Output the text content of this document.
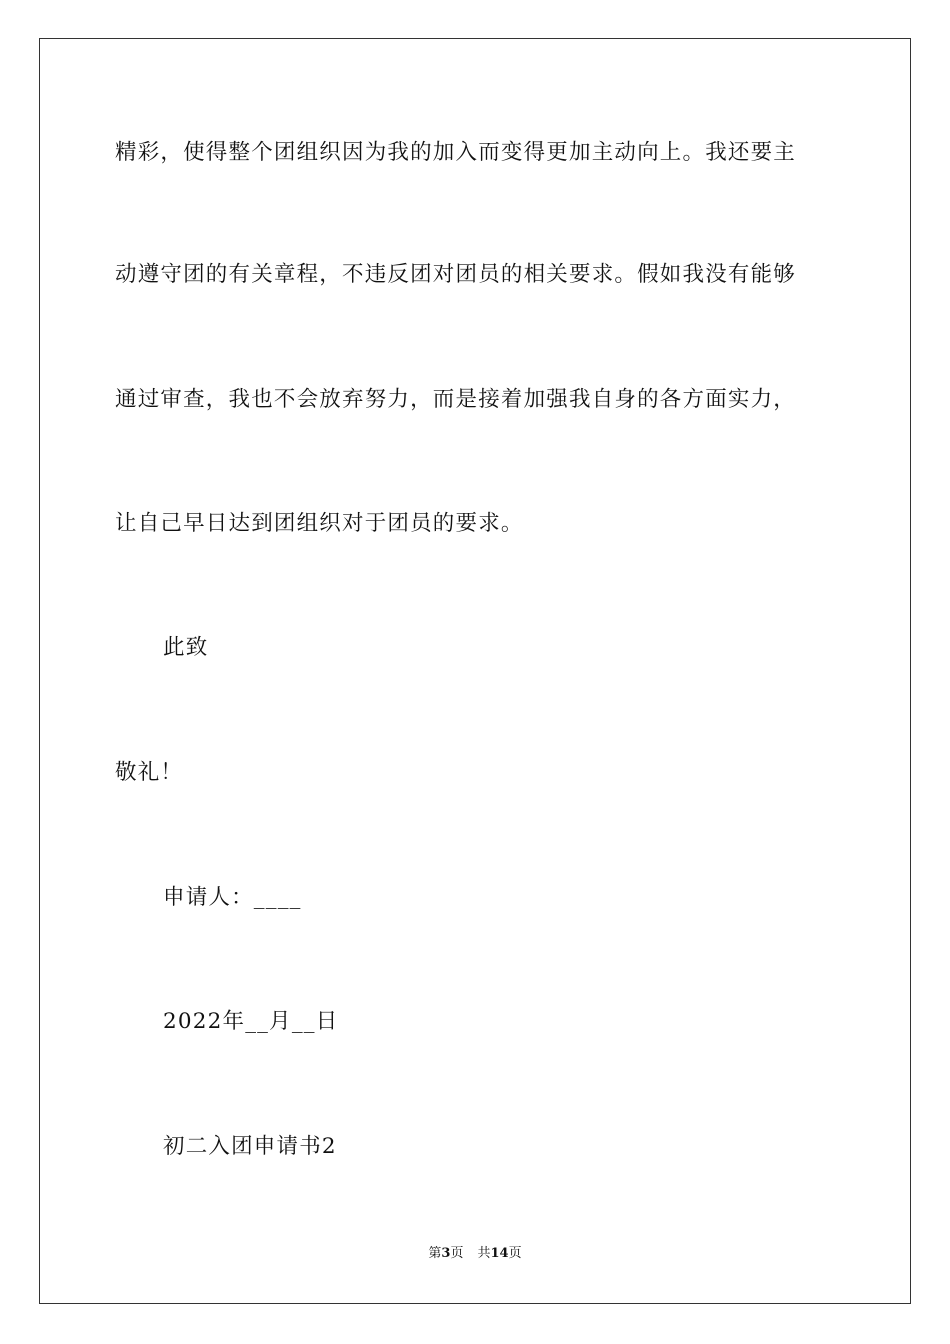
精彩，使得整个团组织因为我的加入而变得更加主动向上。我还要主
动遵守团的有关章程，不违反团对团员的相关要求。假如我没有能够
通过审查，我也不会放弃努力，而是接着加强我自身的各方面实力，
让自己早日达到团组织对于团员的要求。
此致
敬礼！
申请人：____
2022年__月__日
初二入团申请书2
第3页 共14页
